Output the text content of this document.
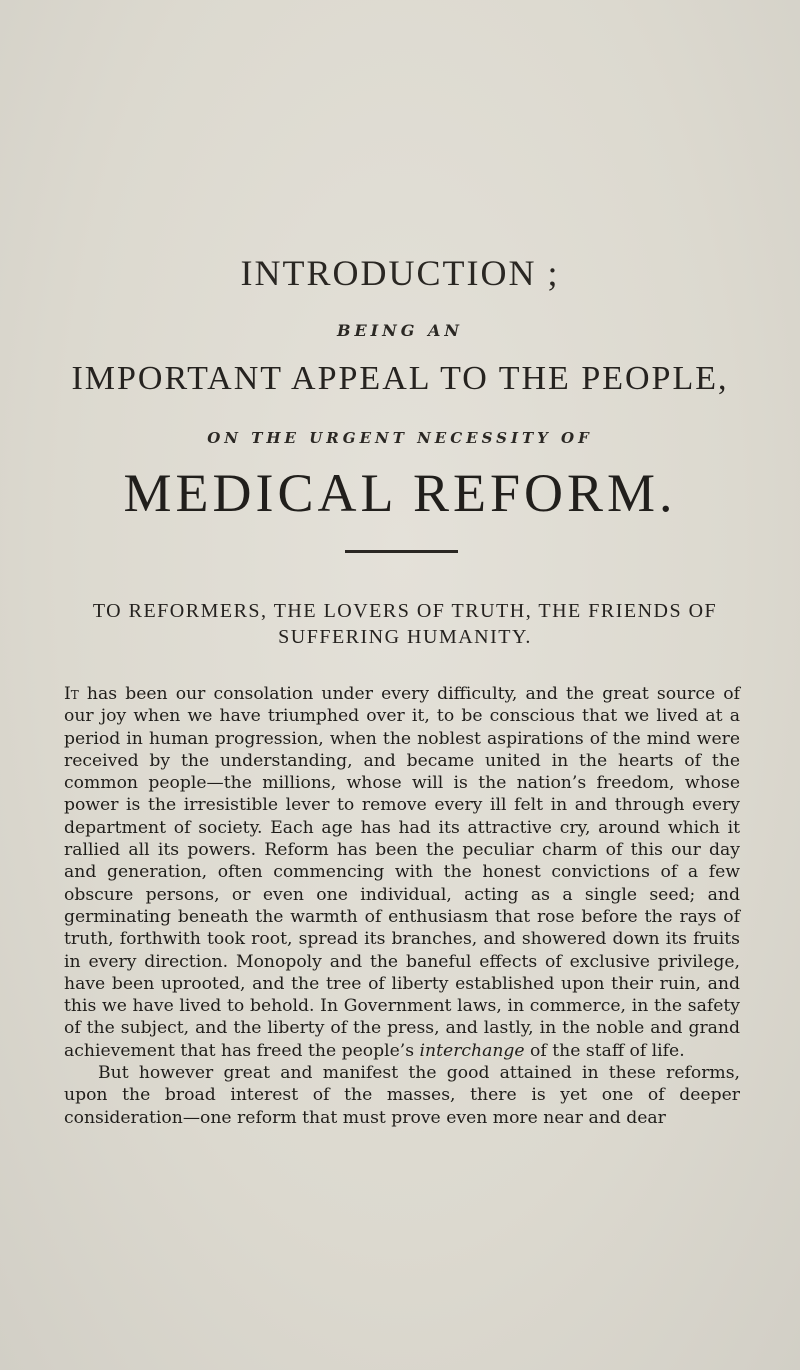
INTRODUCTION ;
BEING AN
IMPORTANT APPEAL TO THE PEOPLE,
ON THE URGENT NECESSITY OF
MEDICAL REFORM.
TO REFORMERS, THE LOVERS OF TRUTH, THE FRIENDS OF SUFFERING HUMANITY.

It has been our consolation under every difficulty, and the great source of our joy when we have triumphed over it, to be conscious that we lived at a period in human progression, when the noblest aspirations of the mind were received by the understanding, and became united in the hearts of the common people—the millions, whose will is the nation’s freedom, whose power is the irresistible lever to remove every ill felt in and through every department of society. Each age has had its attractive cry, around which it rallied all its powers. Reform has been the peculiar charm of this our day and generation, often commencing with the honest convictions of a few obscure persons, or even one individual, acting as a single seed; and germinating beneath the warmth of enthusiasm that rose before the rays of truth, forthwith took root, spread its branches, and showered down its fruits in every direction. Monopoly and the baneful effects of exclusive privilege, have been uprooted, and the tree of liberty established upon their ruin, and this we have lived to behold. In Government laws, in commerce, in the safety of the subject, and the liberty of the press, and lastly, in the noble and grand achievement that has freed the people’s interchange of the staff of life.

But however great and manifest the good attained in these reforms, upon the broad interest of the masses, there is yet one of deeper consideration—one reform that must prove even more near and dear
